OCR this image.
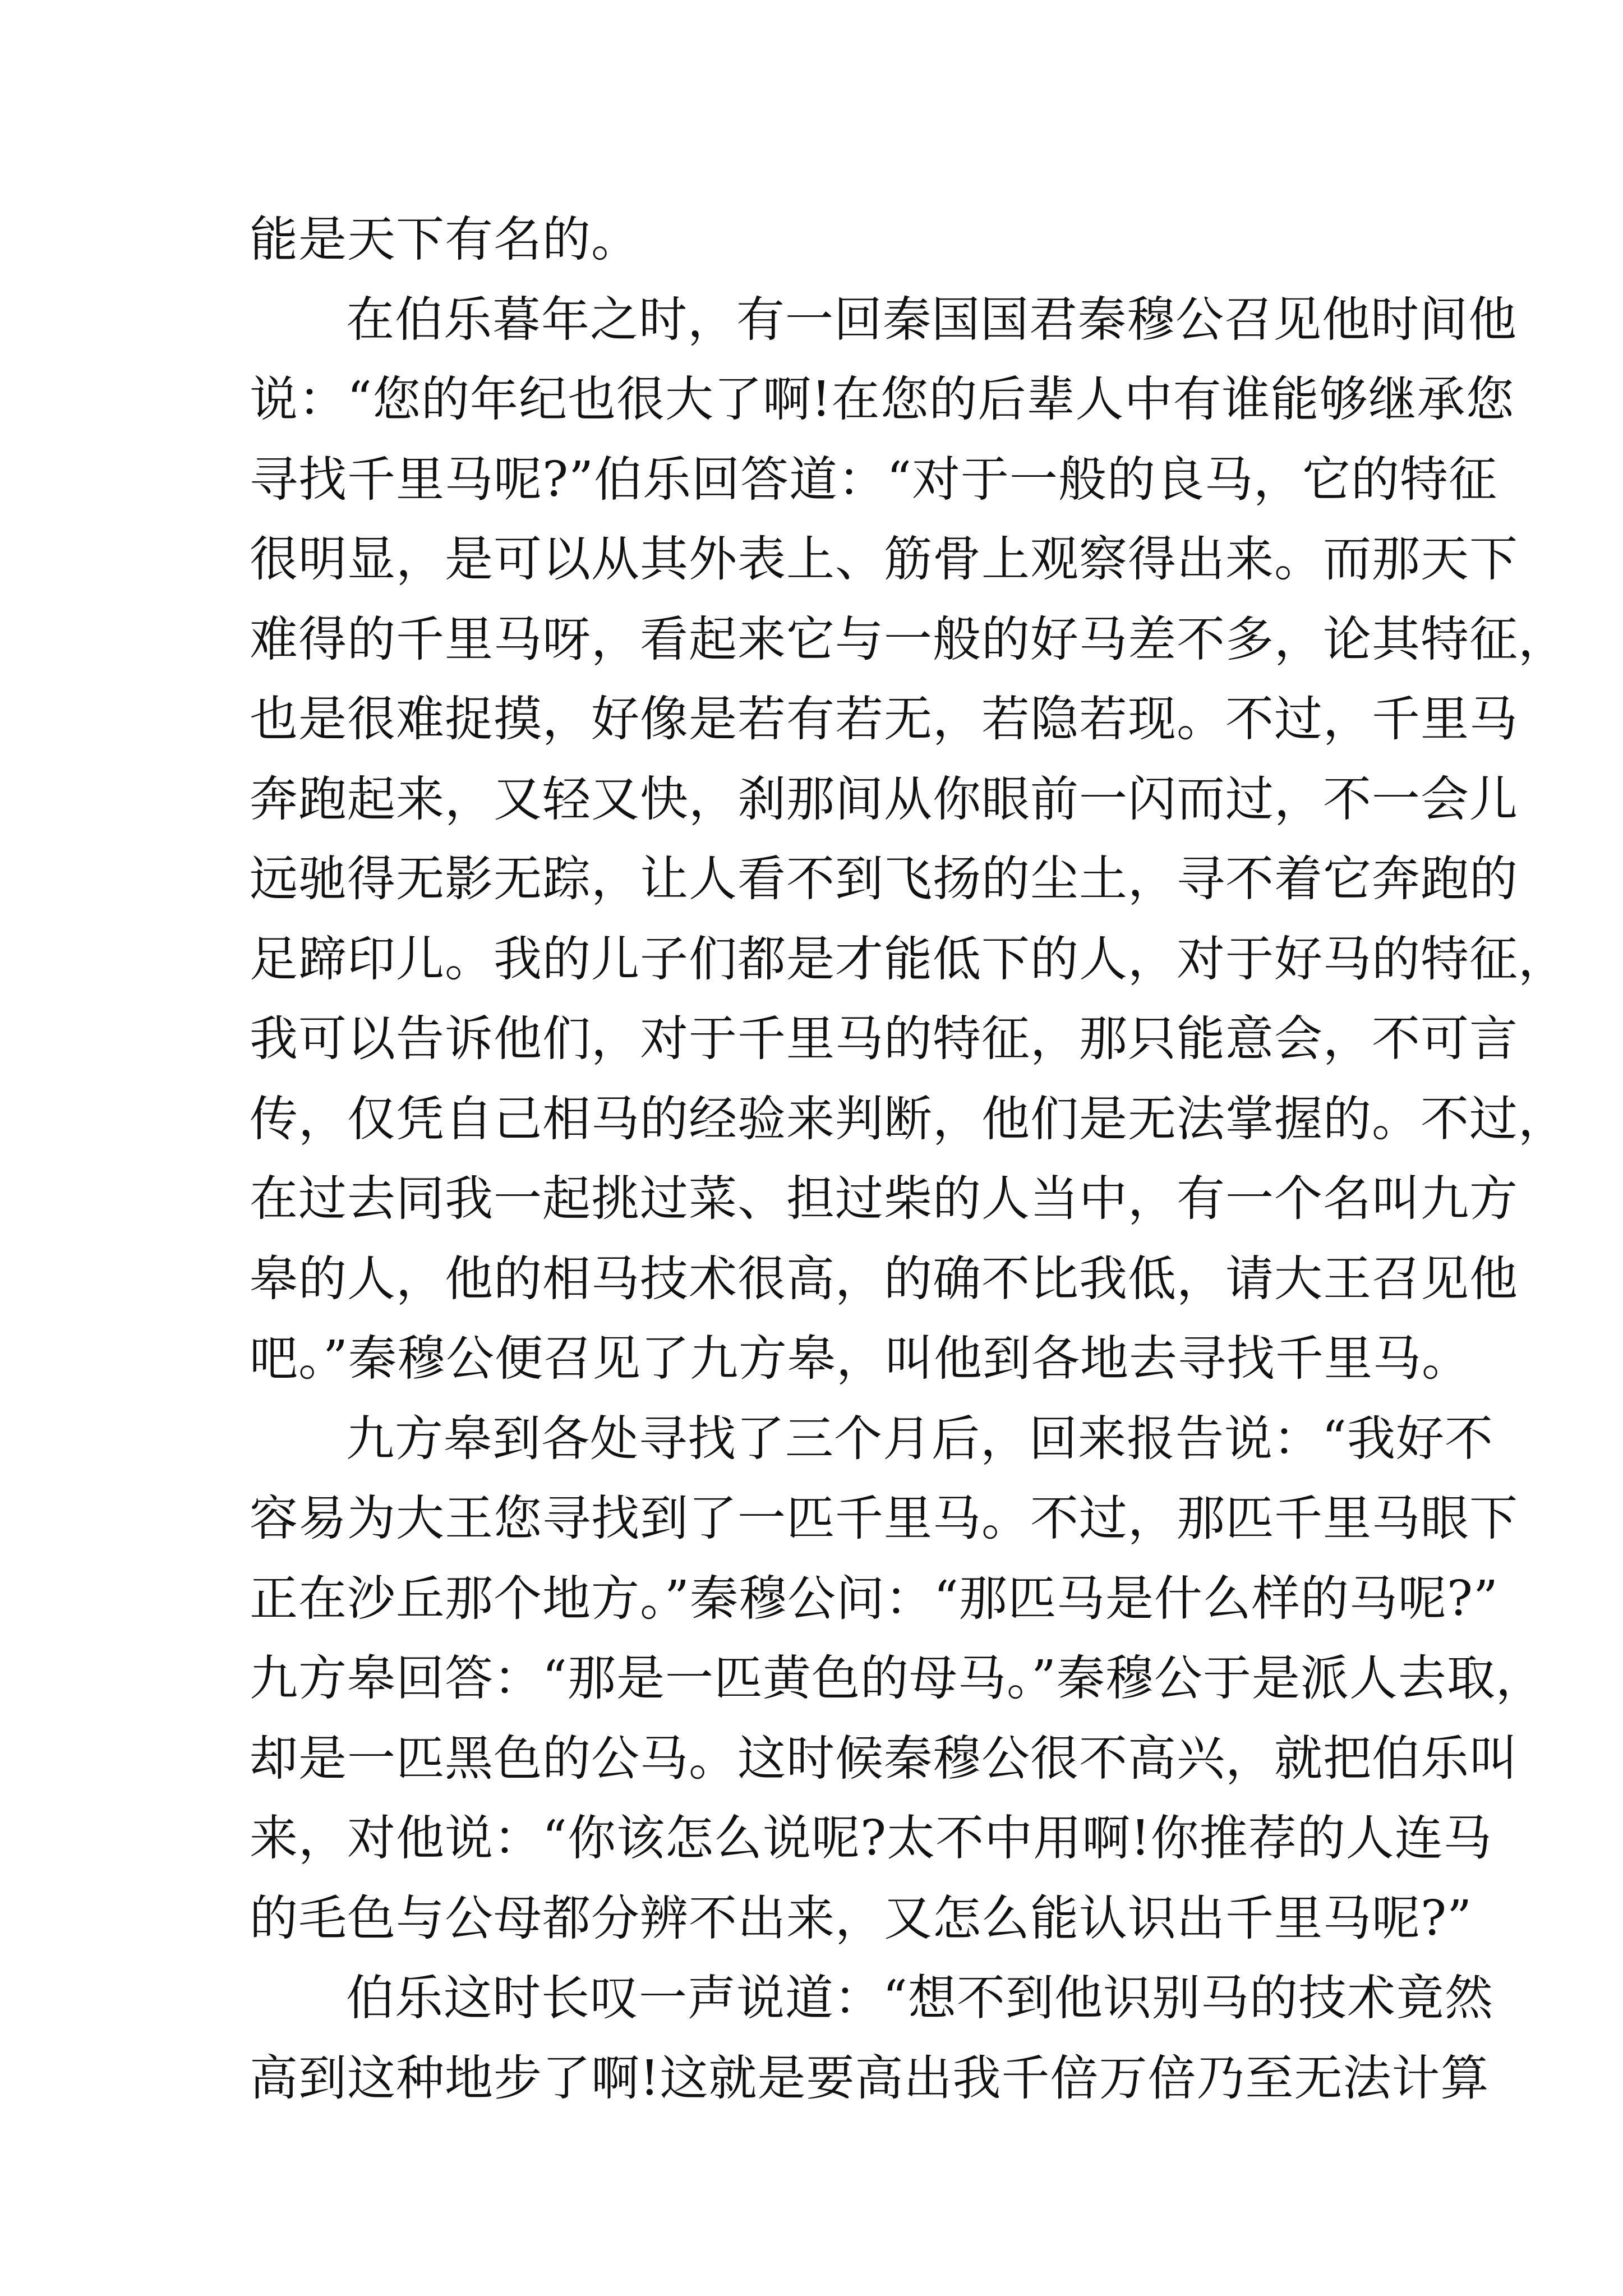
能是天下有名的。
在伯乐暮年之时，有一回秦国国君秦穆公召见他时间他
说：“您的年纪也很大了啊!在您的后辈人中有谁能够继承您
寻找千里马呢?”伯乐回答道：“对于一般的良马，它的特征
很明显，是可以从其外表上、筋骨上观察得出来。而那天下
难得的千里马呀，看起来它与一般的好马差不多，论其特征，
也是很难捉摸，好像是若有若无，若隐若现。不过，千里马
奔跑起来，又轻又快，刹那间从你眼前一闪而过，不一会儿
远驰得无影无踪，让人看不到飞扬的尘土，寻不着它奔跑的
足蹄印儿。我的儿子们都是才能低下的人，对于好马的特征，
我可以告诉他们，对于千里马的特征，那只能意会，不可言
传，仅凭自己相马的经验来判断，他们是无法掌握的。不过，
在过去同我一起挑过菜、担过柴的人当中，有一个名叫九方
皋的人，他的相马技术很高，的确不比我低，请大王召见他
吧。”秦穆公便召见了九方皋，叫他到各地去寻找千里马。
九方皋到各处寻找了三个月后，回来报告说：“我好不
容易为大王您寻找到了一匹千里马。不过，那匹千里马眼下
正在沙丘那个地方。”秦穆公问：“那匹马是什么样的马呢?”
九方皋回答：“那是一匹黄色的母马。”秦穆公于是派人去取，
却是一匹黑色的公马。这时候秦穆公很不高兴，就把伯乐叫
来，对他说：“你该怎么说呢?太不中用啊!你推荐的人连马
的毛色与公母都分辨不出来，又怎么能认识出千里马呢?”
伯乐这时长叹一声说道：“想不到他识别马的技术竟然
高到这种地步了啊!这就是要高出我千倍万倍乃至无法计算
